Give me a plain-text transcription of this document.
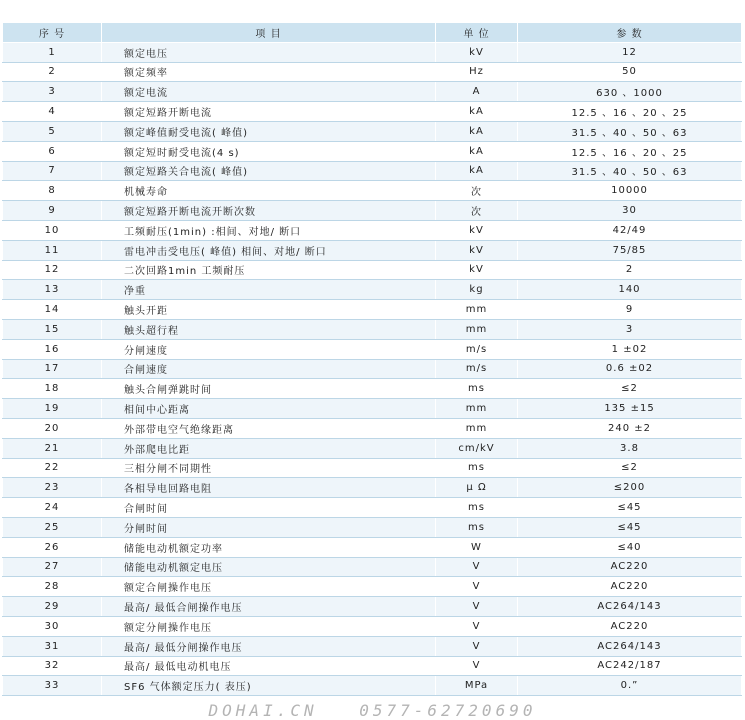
序 号	项 目	单 位	参 数
1	额定电压	kV	12
2	额定频率	Hz	50
3	额定电流	A	630 、1000
4	额定短路开断电流	kA	12.5 、16 、20 、25
5	额定峰值耐受电流( 峰值)	kA	31.5 、40 、50 、63
6	额定短时耐受电流(4 s)	kA	12.5 、16 、20 、25
7	额定短路关合电流( 峰值)	kA	31.5 、40 、50 、63
8	机械寿命	次	10000
9	额定短路开断电流开断次数	次	30
10	工频耐压(1min) :相间、对地/ 断口	kV	42/49
11	雷电冲击受电压( 峰值) 相间、对地/ 断口	kV	75/85
12	二次回路1min 工频耐压	kV	2
13	净重	kg	140
14	触头开距	mm	9
15	触头超行程	mm	3
16	分闸速度	m/s	1 ±02
17	合闸速度	m/s	0.6 ±02
18	触头合闸弹跳时间	ms	≤2
19	相间中心距离	mm	135 ±15
20	外部带电空气绝缘距离	mm	240 ±2
21	外部爬电比距	cm/kV	3.8
22	三相分闸不同期性	ms	≤2
23	各相导电回路电阻	μ Ω	≤200
24	合闸时间	ms	≤45
25	分闸时间	ms	≤45
26	储能电动机额定功率	W	≤40
27	储能电动机额定电压	V	AC220
28	额定合闸操作电压	V	AC220
29	最高/ 最低合闸操作电压	V	AC264/143
30	额定分闸操作电压	V	AC220
31	最高/ 最低分闸操作电压	V	AC264/143
32	最高/ 最低电动机电压	V	AC242/187
33	SF6 气体额定压力( 表压)	MPa	0.”
DOHAI.CN	0577-62720690
